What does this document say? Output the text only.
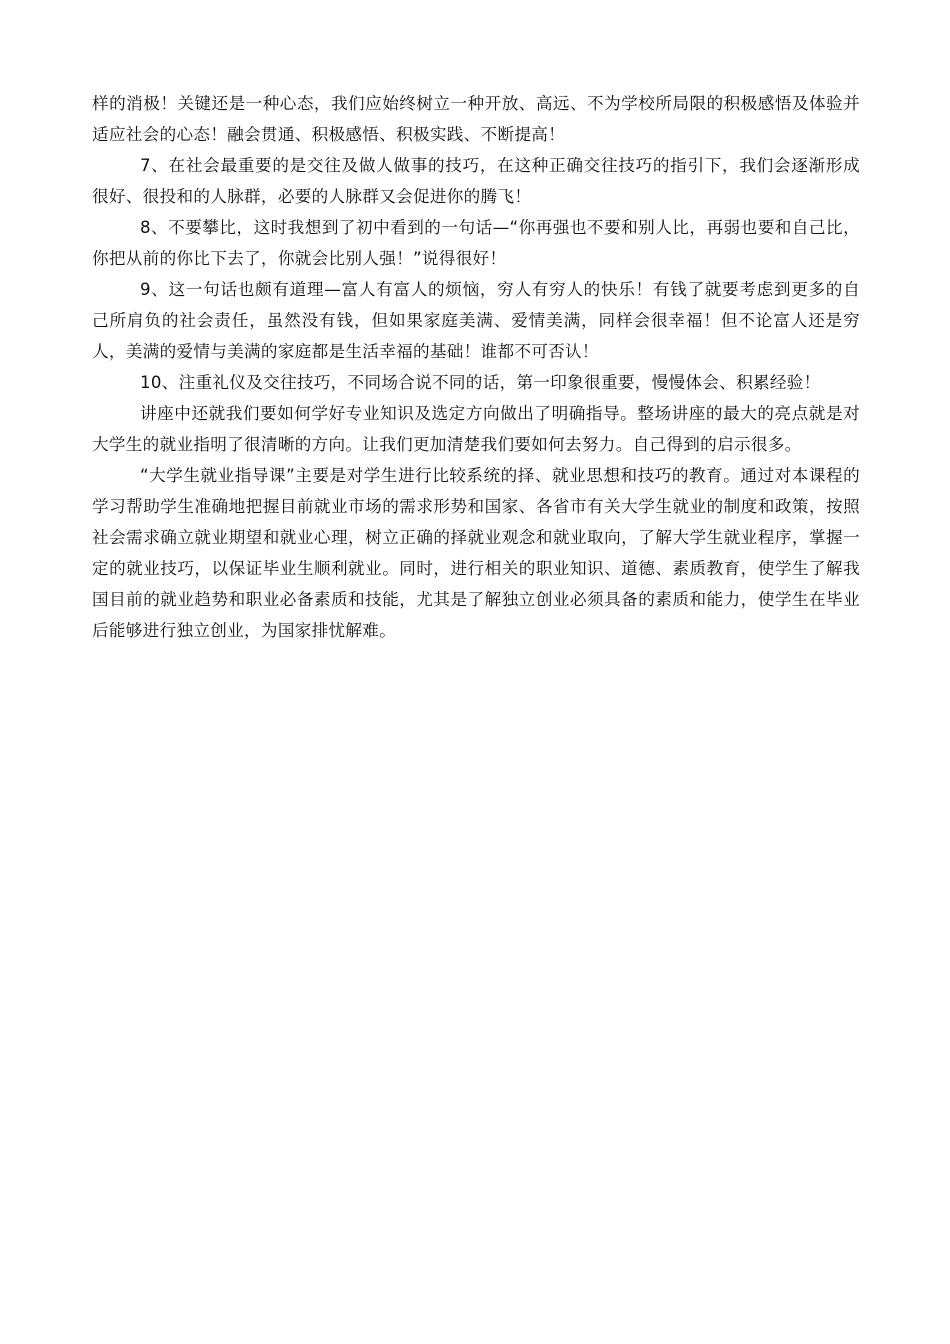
样的消极！关键还是一种心态，我们应始终树立一种开放、高远、不为学校所局限的积极感悟及体验并适应社会的心态！融会贯通、积极感悟、积极实践、不断提高！

7、在社会最重要的是交往及做人做事的技巧，在这种正确交往技巧的指引下，我们会逐渐形成很好、很投和的人脉群，必要的人脉群又会促进你的腾飞！

8、不要攀比，这时我想到了初中看到的一句话—“你再强也不要和别人比，再弱也要和自己比，你把从前的你比下去了，你就会比别人强！”说得很好！

9、这一句话也颇有道理—富人有富人的烦恼，穷人有穷人的快乐！有钱了就要考虑到更多的自己所肩负的社会责任，虽然没有钱，但如果家庭美满、爱情美满，同样会很幸福！但不论富人还是穷人，美满的爱情与美满的家庭都是生活幸福的基础！谁都不可否认！

10、注重礼仪及交往技巧，不同场合说不同的话，第一印象很重要，慢慢体会、积累经验！

讲座中还就我们要如何学好专业知识及选定方向做出了明确指导。整场讲座的最大的亮点就是对大学生的就业指明了很清晰的方向。让我们更加清楚我们要如何去努力。自己得到的启示很多。

“大学生就业指导课”主要是对学生进行比较系统的择、就业思想和技巧的教育。通过对本课程的学习帮助学生准确地把握目前就业市场的需求形势和国家、各省市有关大学生就业的制度和政策，按照社会需求确立就业期望和就业心理，树立正确的择就业观念和就业取向，了解大学生就业程序，掌握一定的就业技巧，以保证毕业生顺利就业。同时，进行相关的职业知识、道德、素质教育，使学生了解我国目前的就业趋势和职业必备素质和技能，尤其是了解独立创业必须具备的素质和能力，使学生在毕业后能够进行独立创业，为国家排忧解难。
